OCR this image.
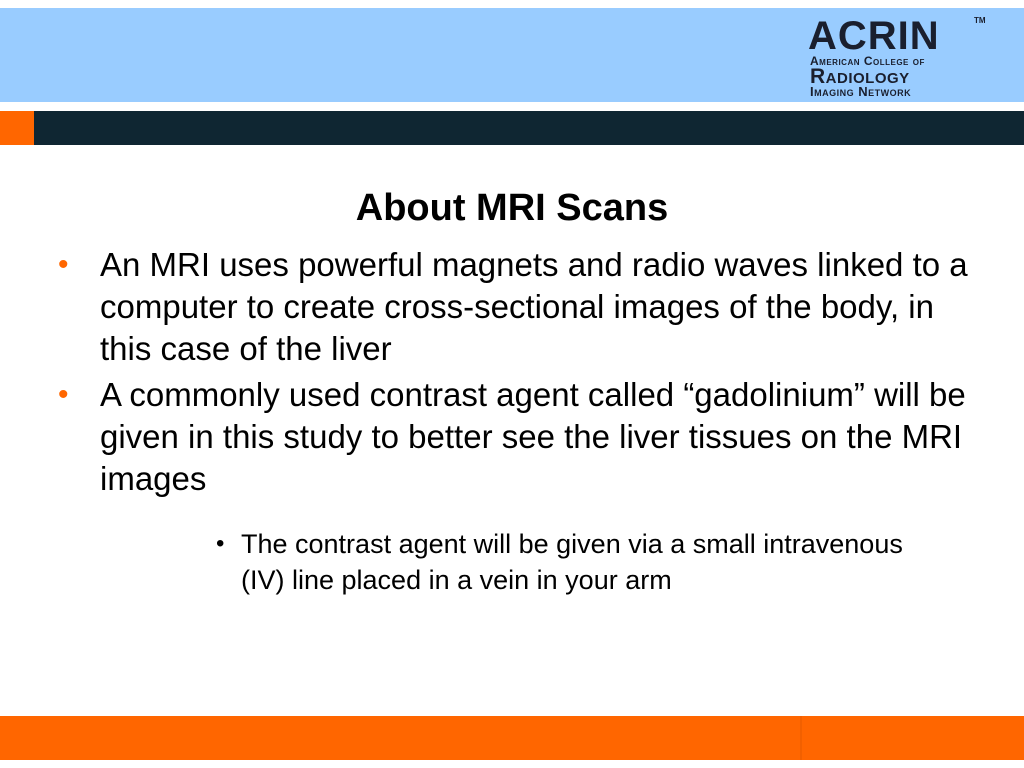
ACRIN	TM
American College of
Radiology
Imaging Network
About MRI Scans
• An MRI uses powerful magnets and radio waves linked to a computer to create cross-sectional images of the body, in this case of the liver
• A commonly used contrast agent called “gadolinium” will be given in this study to better see the liver tissues on the MRI images
• The contrast agent will be given via a small intravenous (IV) line placed in a vein in your arm
